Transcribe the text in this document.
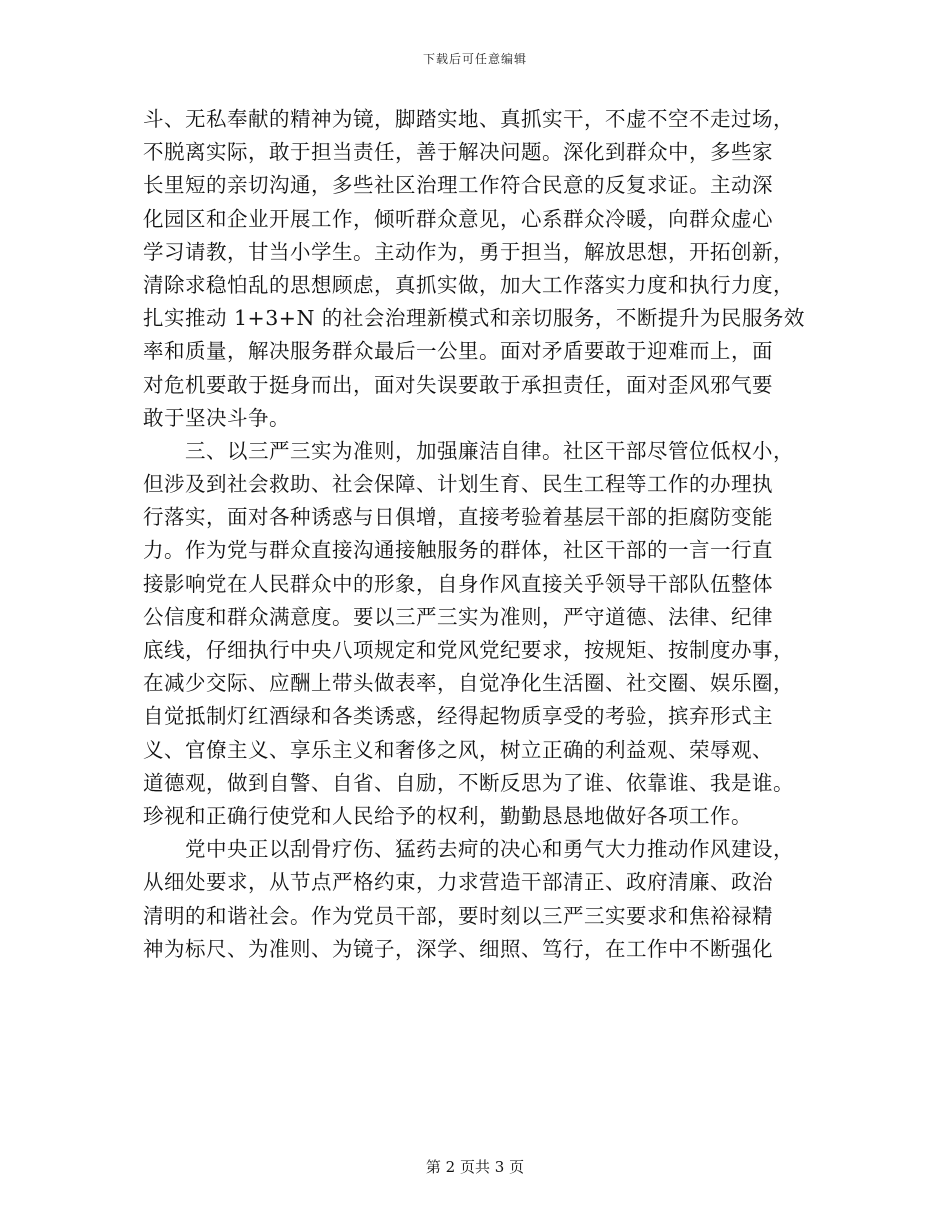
下载后可任意编辑

斗、无私奉献的精神为镜，脚踏实地、真抓实干，不虚不空不走过场，
不脱离实际，敢于担当责任，善于解决问题。深化到群众中，多些家
长里短的亲切沟通，多些社区治理工作符合民意的反复求证。主动深
化园区和企业开展工作，倾听群众意见，心系群众冷暖，向群众虚心
学习请教，甘当小学生。主动作为，勇于担当，解放思想，开拓创新，
清除求稳怕乱的思想顾虑，真抓实做，加大工作落实力度和执行力度，
扎实推动 1+3+N 的社会治理新模式和亲切服务，不断提升为民服务效
率和质量，解决服务群众最后一公里。面对矛盾要敢于迎难而上，面
对危机要敢于挺身而出，面对失误要敢于承担责任，面对歪风邪气要
敢于坚决斗争。

三、以三严三实为准则，加强廉洁自律。社区干部尽管位低权小，
但涉及到社会救助、社会保障、计划生育、民生工程等工作的办理执
行落实，面对各种诱惑与日俱增，直接考验着基层干部的拒腐防变能
力。作为党与群众直接沟通接触服务的群体，社区干部的一言一行直
接影响党在人民群众中的形象，自身作风直接关乎领导干部队伍整体
公信度和群众满意度。要以三严三实为准则，严守道德、法律、纪律
底线，仔细执行中央八项规定和党风党纪要求，按规矩、按制度办事，
在减少交际、应酬上带头做表率，自觉净化生活圈、社交圈、娱乐圈，
自觉抵制灯红酒绿和各类诱惑，经得起物质享受的考验，摈弃形式主
义、官僚主义、享乐主义和奢侈之风，树立正确的利益观、荣辱观、
道德观，做到自警、自省、自励，不断反思为了谁、依靠谁、我是谁。
珍视和正确行使党和人民给予的权利，勤勤恳恳地做好各项工作。

党中央正以刮骨疗伤、猛药去疴的决心和勇气大力推动作风建设，
从细处要求，从节点严格约束，力求营造干部清正、政府清廉、政治
清明的和谐社会。作为党员干部，要时刻以三严三实要求和焦裕禄精
神为标尺、为准则、为镜子，深学、细照、笃行，在工作中不断强化

第 2 页共 3 页
